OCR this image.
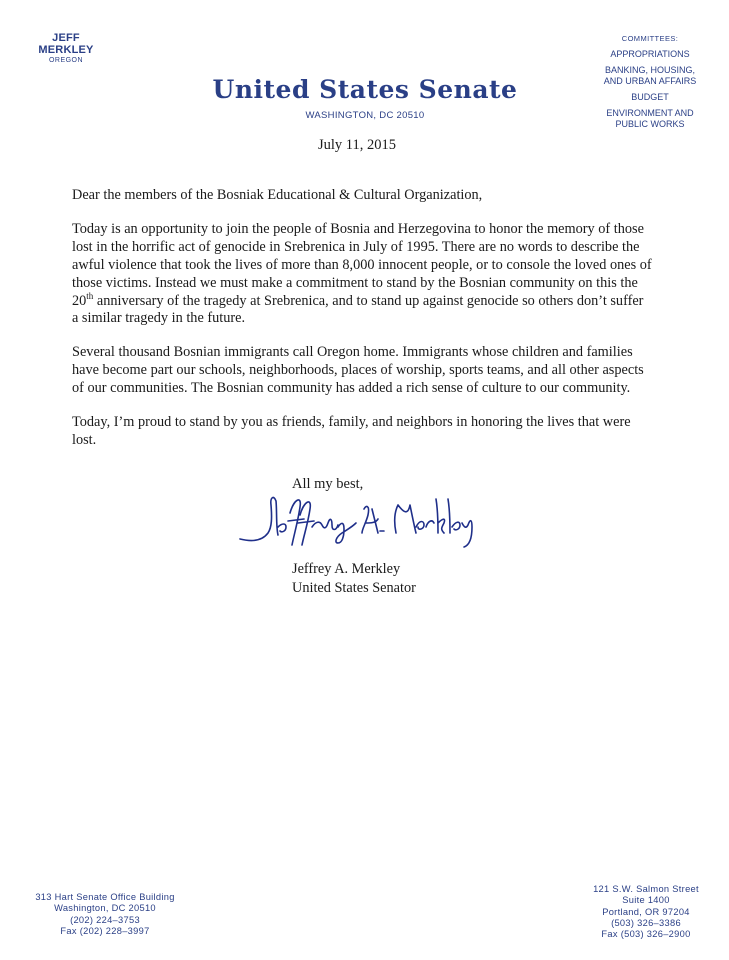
JEFF MERKLEY
OREGON
COMMITTEES:
APPROPRIATIONS
BANKING, HOUSING, AND URBAN AFFAIRS
BUDGET
ENVIRONMENT AND PUBLIC WORKS
United States Senate
WASHINGTON, DC 20510
July 11, 2015

Dear the members of the Bosniak Educational & Cultural Organization,

Today is an opportunity to join the people of Bosnia and Herzegovina to honor the memory of those lost in the horrific act of genocide in Srebrenica in July of 1995. There are no words to describe the awful violence that took the lives of more than 8,000 innocent people, or to console the loved ones of those victims. Instead we must make a commitment to stand by the Bosnian community on this the 20th anniversary of the tragedy at Srebrenica, and to stand up against genocide so others don’t suffer a similar tragedy in the future.

Several thousand Bosnian immigrants call Oregon home. Immigrants whose children and families have become part our schools, neighborhoods, places of worship, sports teams, and all other aspects of our communities. The Bosnian community has added a rich sense of culture to our community.

Today, I’m proud to stand by you as friends, family, and neighbors in honoring the lives that were lost.

All my best,
Jeffrey A. Merkley
United States Senator
313 Hart Senate Office Building
Washington, DC 20510
(202) 224–3753
Fax (202) 228–3997
121 S.W. Salmon Street
Suite 1400
Portland, OR 97204
(503) 326–3386
Fax (503) 326–2900
